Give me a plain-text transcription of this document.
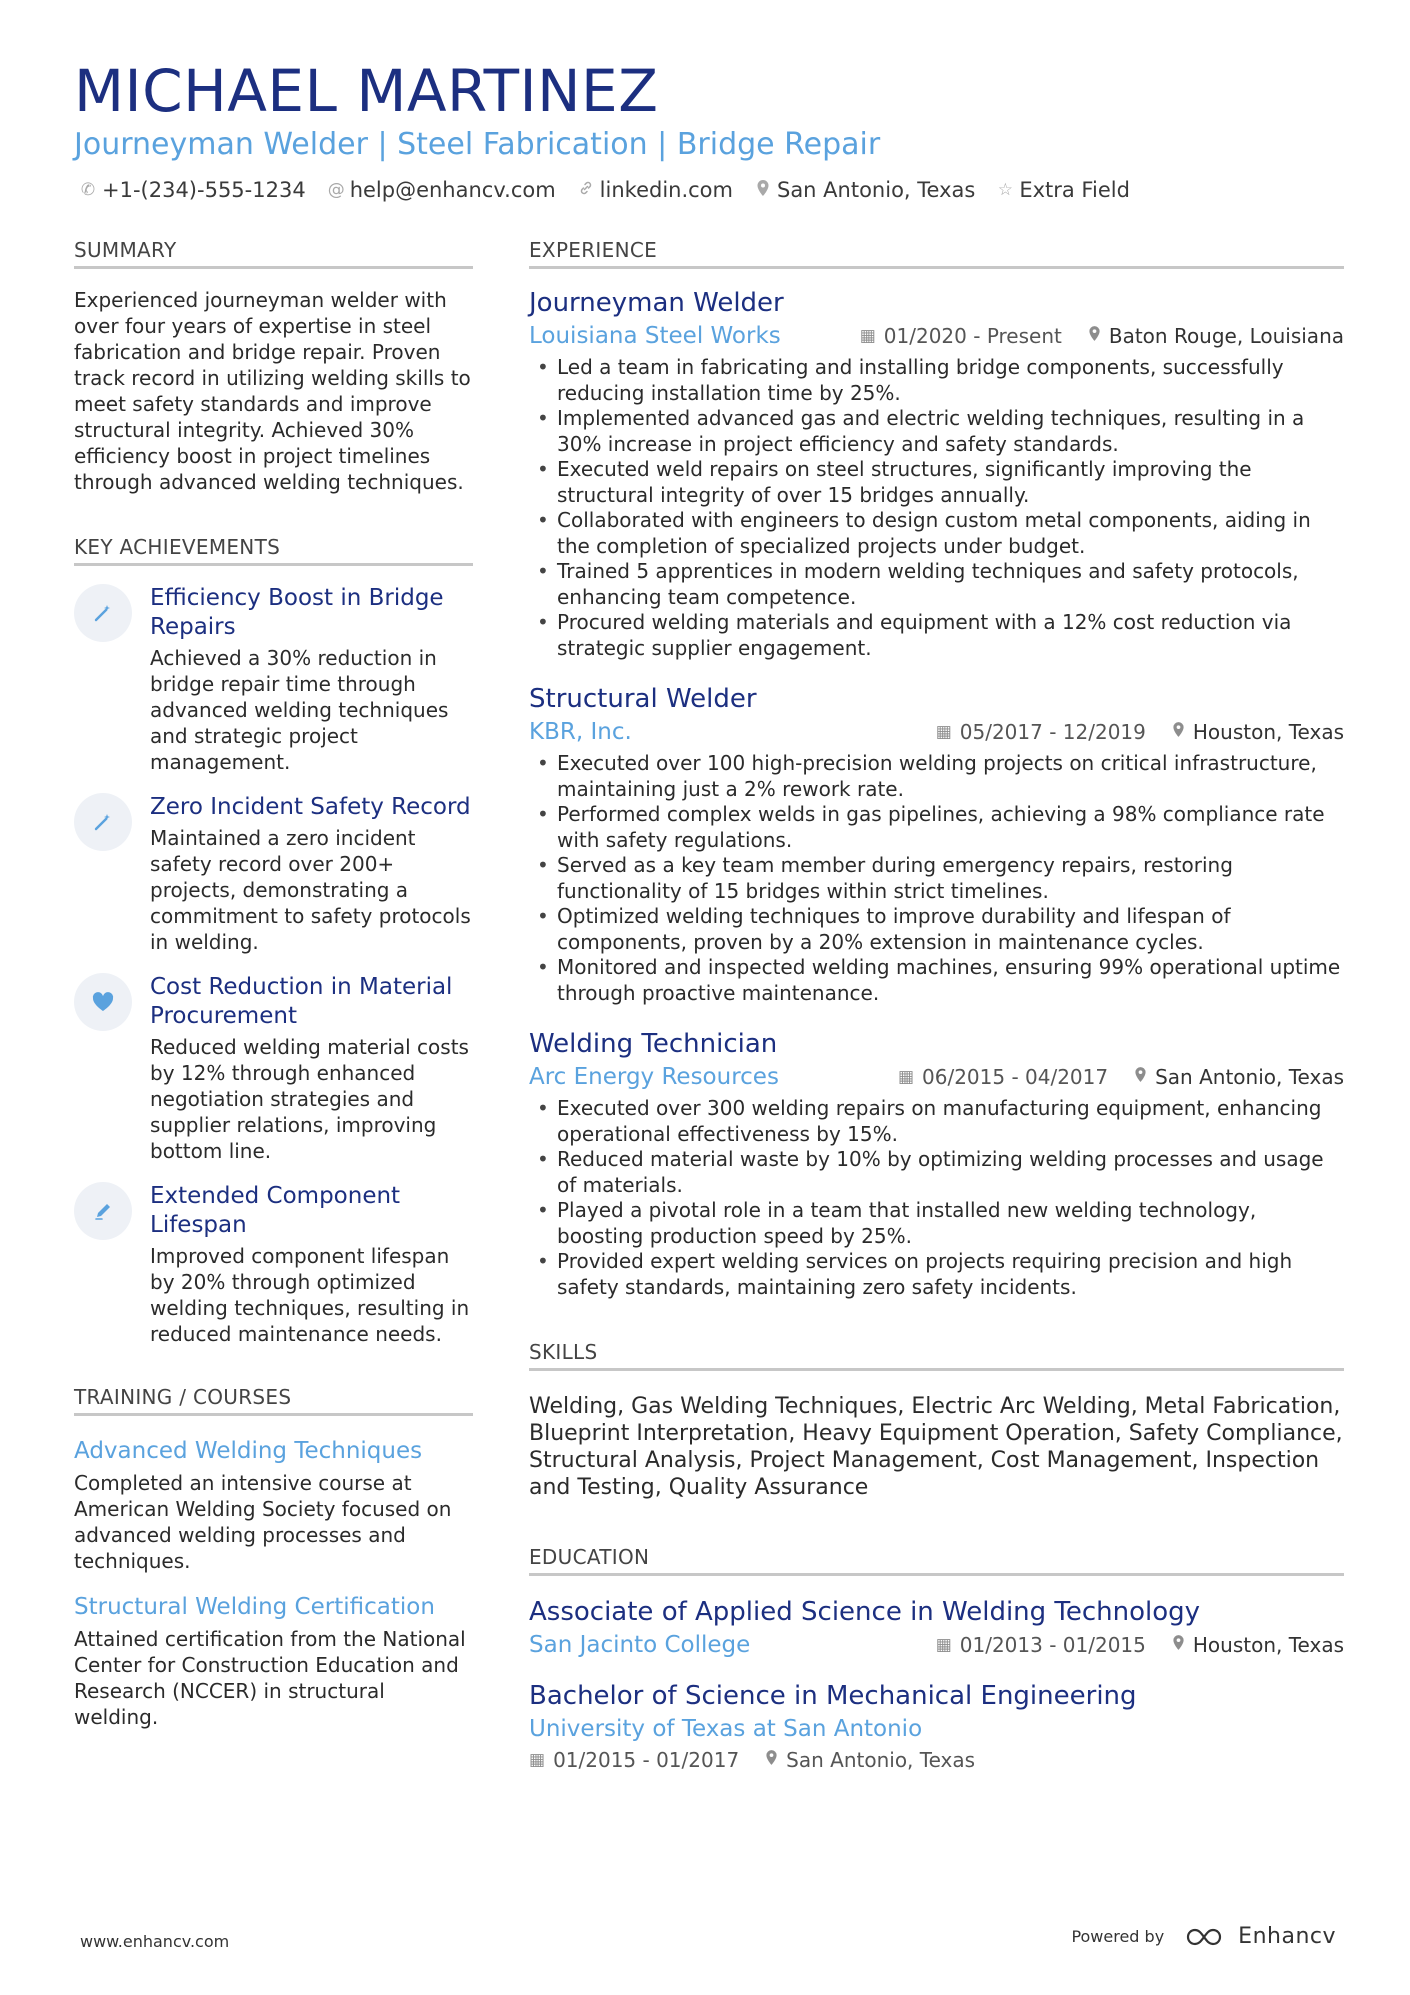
MICHAEL MARTINEZ
Journeyman Welder | Steel Fabrication | Bridge Repair
✆ +1-(234)-555-1234 @ help@enhancv.com linkedin.com San Antonio, Texas ☆ Extra Field
SUMMARY
Experienced journeyman welder with over four years of expertise in steel fabrication and bridge repair. Proven track record in utilizing welding skills to meet safety standards and improve structural integrity. Achieved 30% efficiency boost in project timelines through advanced welding techniques.
KEY ACHIEVEMENTS
Efficiency Boost in Bridge Repairs
Achieved a 30% reduction in bridge repair time through advanced welding techniques and strategic project management.
Zero Incident Safety Record
Maintained a zero incident safety record over 200+ projects, demonstrating a commitment to safety protocols in welding.
Cost Reduction in Material Procurement
Reduced welding material costs by 12% through enhanced negotiation strategies and supplier relations, improving bottom line.
Extended Component Lifespan
Improved component lifespan by 20% through optimized welding techniques, resulting in reduced maintenance needs.
TRAINING / COURSES
Advanced Welding Techniques
Completed an intensive course at American Welding Society focused on advanced welding processes and techniques.
Structural Welding Certification
Attained certification from the National Center for Construction Education and Research (NCCER) in structural welding.
EXPERIENCE
Journeyman Welder
Louisiana Steel Works	▦ 01/2020 - Present Baton Rouge, Louisiana
• Led a team in fabricating and installing bridge components, successfully reducing installation time by 25%.
• Implemented advanced gas and electric welding techniques, resulting in a 30% increase in project efficiency and safety standards.
• Executed weld repairs on steel structures, significantly improving the structural integrity of over 15 bridges annually.
• Collaborated with engineers to design custom metal components, aiding in the completion of specialized projects under budget.
• Trained 5 apprentices in modern welding techniques and safety protocols, enhancing team competence.
• Procured welding materials and equipment with a 12% cost reduction via strategic supplier engagement.
Structural Welder
KBR, Inc.	▦ 05/2017 - 12/2019 Houston, Texas
• Executed over 100 high-precision welding projects on critical infrastructure, maintaining just a 2% rework rate.
• Performed complex welds in gas pipelines, achieving a 98% compliance rate with safety regulations.
• Served as a key team member during emergency repairs, restoring functionality of 15 bridges within strict timelines.
• Optimized welding techniques to improve durability and lifespan of components, proven by a 20% extension in maintenance cycles.
• Monitored and inspected welding machines, ensuring 99% operational uptime through proactive maintenance.
Welding Technician
Arc Energy Resources	▦ 06/2015 - 04/2017 San Antonio, Texas
• Executed over 300 welding repairs on manufacturing equipment, enhancing operational effectiveness by 15%.
• Reduced material waste by 10% by optimizing welding processes and usage of materials.
• Played a pivotal role in a team that installed new welding technology, boosting production speed by 25%.
• Provided expert welding services on projects requiring precision and high safety standards, maintaining zero safety incidents.
SKILLS
Welding, Gas Welding Techniques, Electric Arc Welding, Metal Fabrication, Blueprint Interpretation, Heavy Equipment Operation, Safety Compliance, Structural Analysis, Project Management, Cost Management, Inspection and Testing, Quality Assurance
EDUCATION
Associate of Applied Science in Welding Technology
San Jacinto College	▦ 01/2013 - 01/2015 Houston, Texas
Bachelor of Science in Mechanical Engineering
University of Texas at San Antonio
▦ 01/2015 - 01/2017 San Antonio, Texas
www.enhancv.com	Powered by	Enhancv
